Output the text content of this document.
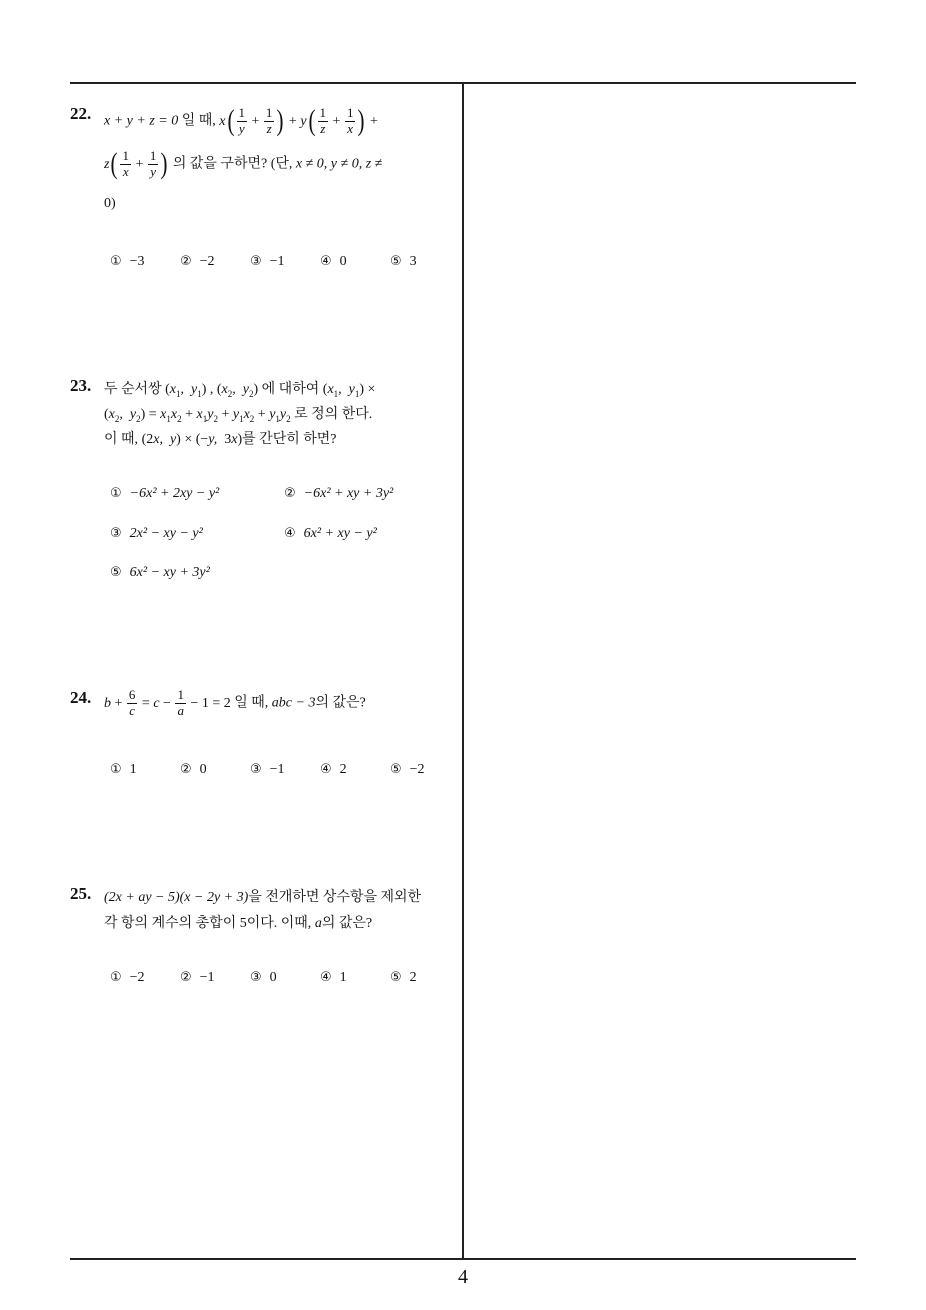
22. x + y + z = 0 일 때, $x( \frac{1}{y} + \frac{1}{z}$ ) + $y( \frac{1}{z} + \frac{1}{x}$ ) +
$z( \frac{1}{x} + \frac{1}{y}$ ) 의 값을 구하면? (단, x ≠ 0, y ≠ 0, z ≠
0)
① −3	② −2	③ −1	④ 0	⑤ 3
23. 두 순서쌍 ($x_1$,  $y_1$) , ($x_2$,  $y_2$) 에 대하여 ($x_1$,  $y_1$) ×
($x_2$,  $y_2) = x_1x_2 + x_1y_2 + y_1x_2 + y_1y_2$ 로 정의 한다.
이 때, (2x,  y) × (−y,  3x)를 간단히 하면?
① −6x² + 2xy − y²	② −6x² + xy + 3y²
③ 2x² − xy − y²	④ 6x² + xy − y²
⑤ 6x² − xy + 3y²
24. $b + \frac{6}{c} = c - \frac{1}{a} - 1 = 2$ 일 때, abc − 3의 값은?
① 1	② 0	③ −1	④ 2	⑤ −2
25. (2x + ay − 5)(x − 2y + 3)을 전개하면 상수항을 제외한
각 항의 계수의 총합이 5이다. 이때, a의 값은?
① −2	② −1	③ 0	④ 1	⑤ 2
4
